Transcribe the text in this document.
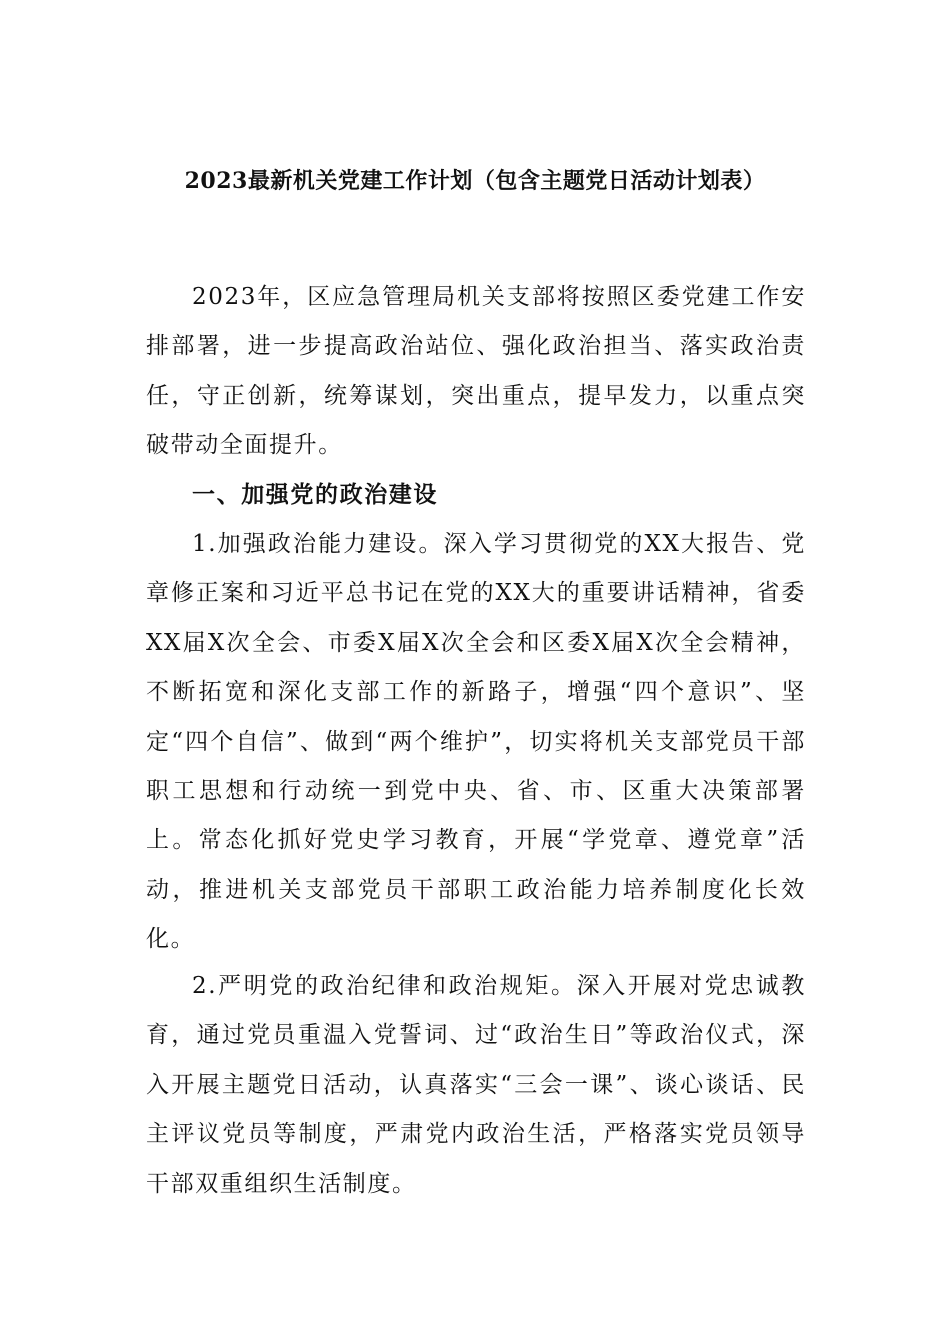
2023最新机关党建工作计划（包含主题党日活动计划表）

2023年，区应急管理局机关支部将按照区委党建工作安排部署，进一步提高政治站位、强化政治担当、落实政治责任，守正创新，统筹谋划，突出重点，提早发力，以重点突破带动全面提升。

一、加强党的政治建设

1.加强政治能力建设。深入学习贯彻党的XX大报告、党章修正案和习近平总书记在党的XX大的重要讲话精神，省委XX届X次全会、市委X届X次全会和区委X届X次全会精神，不断拓宽和深化支部工作的新路子，增强“四个意识”、坚定“四个自信”、做到“两个维护”，切实将机关支部党员干部职工思想和行动统一到党中央、省、市、区重大决策部署上。常态化抓好党史学习教育，开展“学党章、遵党章”活动，推进机关支部党员干部职工政治能力培养制度化长效化。

2.严明党的政治纪律和政治规矩。深入开展对党忠诚教育，通过党员重温入党誓词、过“政治生日”等政治仪式，深入开展主题党日活动，认真落实“三会一课”、谈心谈话、民主评议党员等制度，严肃党内政治生活，严格落实党员领导干部双重组织生活制度。
